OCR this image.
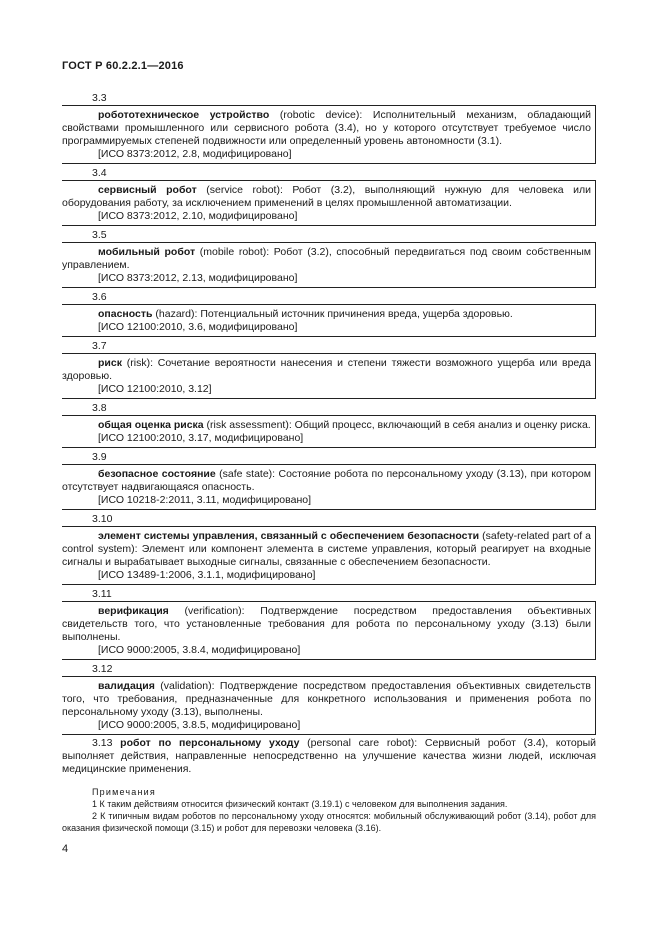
ГОСТ Р 60.2.2.1—2016
3.3

робототехническое устройство (robotic device): Исполнительный механизм, обладающий свойствами промышленного или сервисного робота (3.4), но у которого отсутствует требуемое число программируемых степеней подвижности или определенный уровень автономности (3.1).

[ИСО 8373:2012, 2.8, модифицировано]

3.4

сервисный робот (service robot): Робот (3.2), выполняющий нужную для человека или оборудования работу, за исключением применений в целях промышленной автоматизации.

[ИСО 8373:2012, 2.10, модифицировано]

3.5

мобильный робот (mobile robot): Робот (3.2), способный передвигаться под своим собственным управлением.

[ИСО 8373:2012, 2.13, модифицировано]

3.6

опасность (hazard): Потенциальный источник причинения вреда, ущерба здоровью.

[ИСО 12100:2010, 3.6, модифицировано]

3.7

риск (risk): Сочетание вероятности нанесения и степени тяжести возможного ущерба или вреда здоровью.

[ИСО 12100:2010, 3.12]

3.8

общая оценка риска (risk assessment): Общий процесс, включающий в себя анализ и оценку риска.

[ИСО 12100:2010, 3.17, модифицировано]

3.9

безопасное состояние (safe state): Состояние робота по персональному уходу (3.13), при котором отсутствует надвигающаяся опасность.

[ИСО 10218-2:2011, 3.11, модифицировано]

3.10

элемент системы управления, связанный с обеспечением безопасности (safety-related part of a control system): Элемент или компонент элемента в системе управления, который реагирует на входные сигналы и вырабатывает выходные сигналы, связанные с обеспечением безопасности.

[ИСО 13489-1:2006, 3.1.1, модифицировано]

3.11

верификация (verification): Подтверждение посредством предоставления объективных свидетельств того, что установленные требования для робота по персональному уходу (3.13) были выполнены.

[ИСО 9000:2005, 3.8.4, модифицировано]

3.12

валидация (validation): Подтверждение посредством предоставления объективных свидетельств того, что требования, предназначенные для конкретного использования и применения робота по персональному уходу (3.13), выполнены.

[ИСО 9000:2005, 3.8.5, модифицировано]

3.13 робот по персональному уходу (personal care robot): Сервисный робот (3.4), который выполняет действия, направленные непосредственно на улучшение качества жизни людей, исключая медицинские применения.

Примечания

1 К таким действиям относится физический контакт (3.19.1) с человеком для выполнения задания.

2 К типичным видам роботов по персональному уходу относятся: мобильный обслуживающий робот (3.14), робот для оказания физической помощи (3.15) и робот для перевозки человека (3.16).

4
